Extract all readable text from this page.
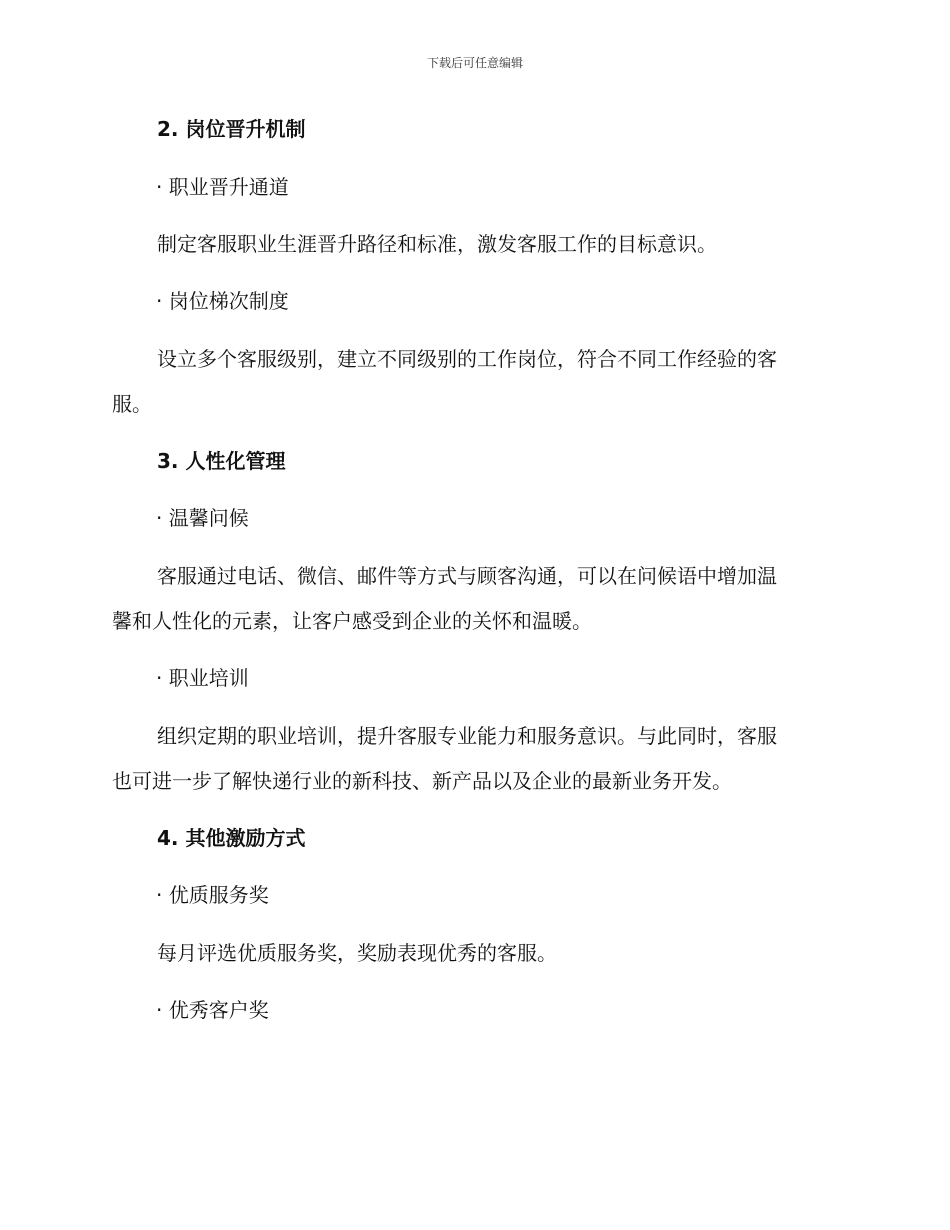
下载后可任意编辑
2. 岗位晋升机制
· 职业晋升通道
制定客服职业生涯晋升路径和标准，激发客服工作的目标意识。
· 岗位梯次制度
设立多个客服级别，建立不同级别的工作岗位，符合不同工作经验的客
服。
3. 人性化管理
· 温馨问候
客服通过电话、微信、邮件等方式与顾客沟通，可以在问候语中增加温
馨和人性化的元素，让客户感受到企业的关怀和温暖。
· 职业培训
组织定期的职业培训，提升客服专业能力和服务意识。与此同时，客服
也可进一步了解快递行业的新科技、新产品以及企业的最新业务开发。
4. 其他激励方式
· 优质服务奖
每月评选优质服务奖，奖励表现优秀的客服。
· 优秀客户奖
